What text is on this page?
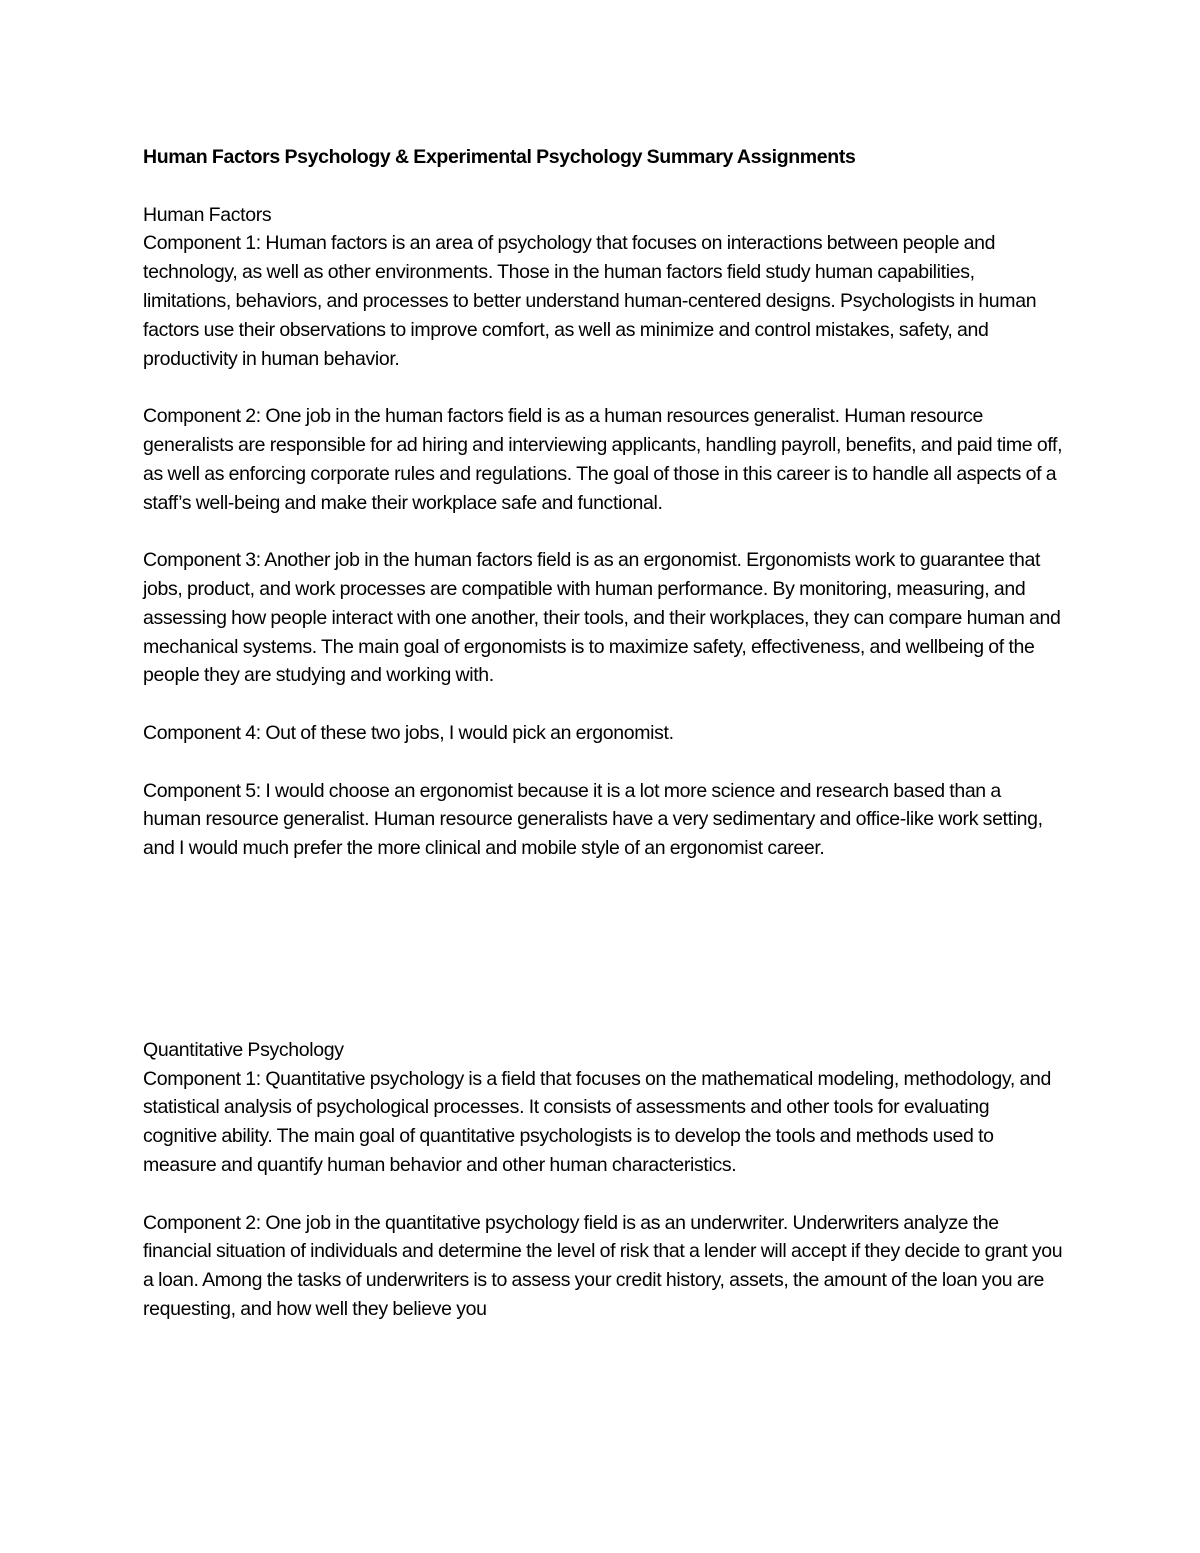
Human Factors Psychology & Experimental Psychology Summary Assignments

Human Factors

Component 1: Human factors is an area of psychology that focuses on interactions between people and technology, as well as other environments. Those in the human factors field study human capabilities, limitations, behaviors, and processes to better understand human-centered designs. Psychologists in human factors use their observations to improve comfort, as well as minimize and control mistakes, safety, and productivity in human behavior.

Component 2: One job in the human factors field is as a human resources generalist. Human resource generalists are responsible for ad hiring and interviewing applicants, handling payroll, benefits, and paid time off, as well as enforcing corporate rules and regulations. The goal of those in this career is to handle all aspects of a staff’s well-being and make their workplace safe and functional.

Component 3: Another job in the human factors field is as an ergonomist. Ergonomists work to guarantee that jobs, product, and work processes are compatible with human performance. By monitoring, measuring, and assessing how people interact with one another, their tools, and their workplaces, they can compare human and mechanical systems. The main goal of ergonomists is to maximize safety, effectiveness, and wellbeing of the people they are studying and working with.

Component 4: Out of these two jobs, I would pick an ergonomist.

Component 5: I would choose an ergonomist because it is a lot more science and research based than a human resource generalist. Human resource generalists have a very sedimentary and office-like work setting, and I would much prefer the more clinical and mobile style of an ergonomist career.

Quantitative Psychology

Component 1: Quantitative psychology is a field that focuses on the mathematical modeling, methodology, and statistical analysis of psychological processes. It consists of assessments and other tools for evaluating cognitive ability. The main goal of quantitative psychologists is to develop the tools and methods used to measure and quantify human behavior and other human characteristics.

Component 2: One job in the quantitative psychology field is as an underwriter. Underwriters analyze the financial situation of individuals and determine the level of risk that a lender will accept if they decide to grant you a loan. Among the tasks of underwriters is to assess your credit history, assets, the amount of the loan you are requesting, and how well they believe you
